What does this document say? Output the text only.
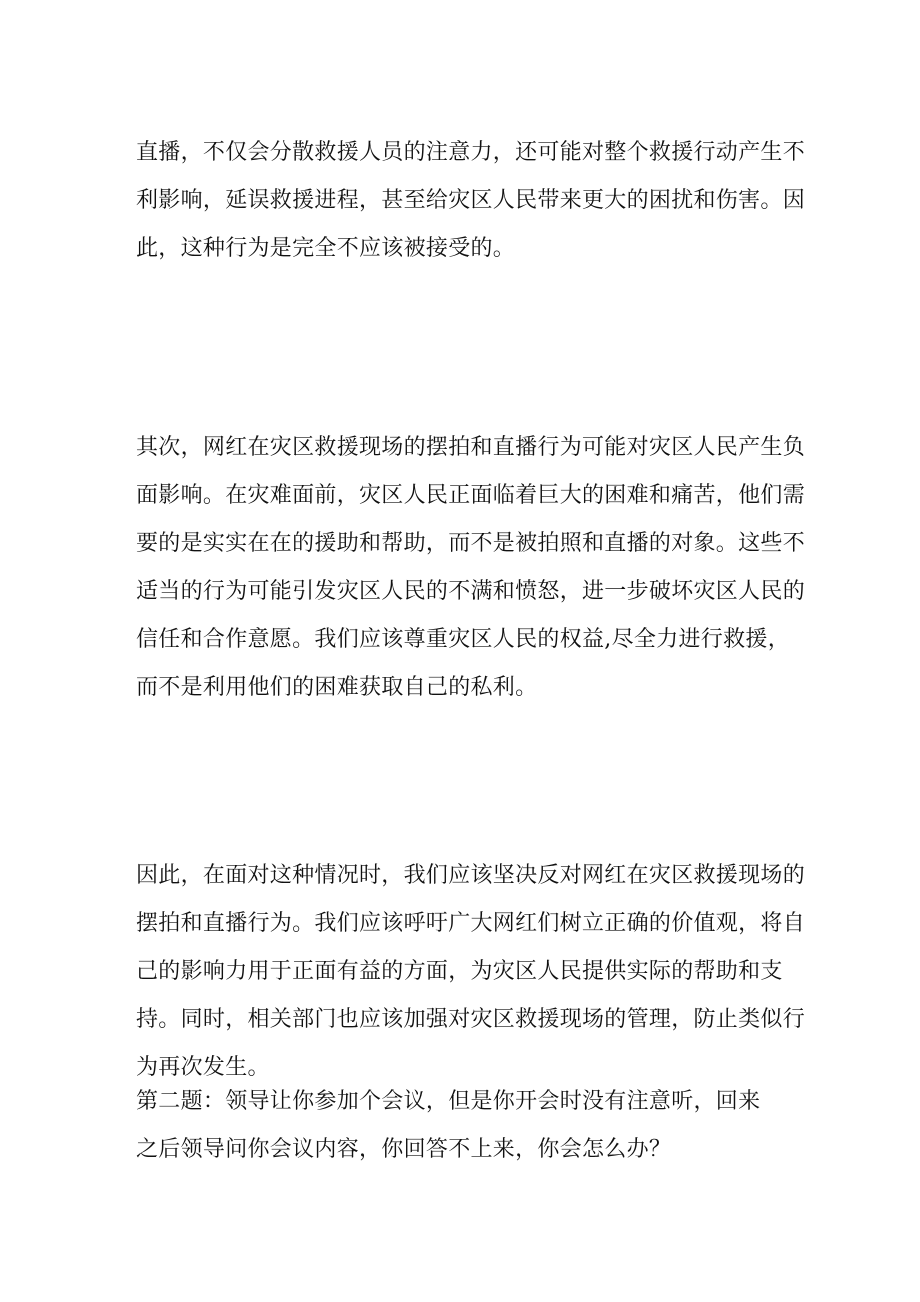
直播，不仅会分散救援人员的注意力，还可能对整个救援行动产生不
利影响，延误救援进程，甚至给灾区人民带来更大的困扰和伤害。因
此，这种行为是完全不应该被接受的。

其次，网红在灾区救援现场的摆拍和直播行为可能对灾区人民产生负
面影响。在灾难面前，灾区人民正面临着巨大的困难和痛苦，他们需
要的是实实在在的援助和帮助，而不是被拍照和直播的对象。这些不
适当的行为可能引发灾区人民的不满和愤怒，进一步破坏灾区人民的
信任和合作意愿。我们应该尊重灾区人民的权益,尽全力进行救援，
而不是利用他们的困难获取自己的私利。

因此，在面对这种情况时，我们应该坚决反对网红在灾区救援现场的
摆拍和直播行为。我们应该呼吁广大网红们树立正确的价值观，将自
己的影响力用于正面有益的方面，为灾区人民提供实际的帮助和支
持。同时，相关部门也应该加强对灾区救援现场的管理，防止类似行
为再次发生。

第二题：领导让你参加个会议，但是你开会时没有注意听，回来
之后领导问你会议内容，你回答不上来，你会怎么办？
